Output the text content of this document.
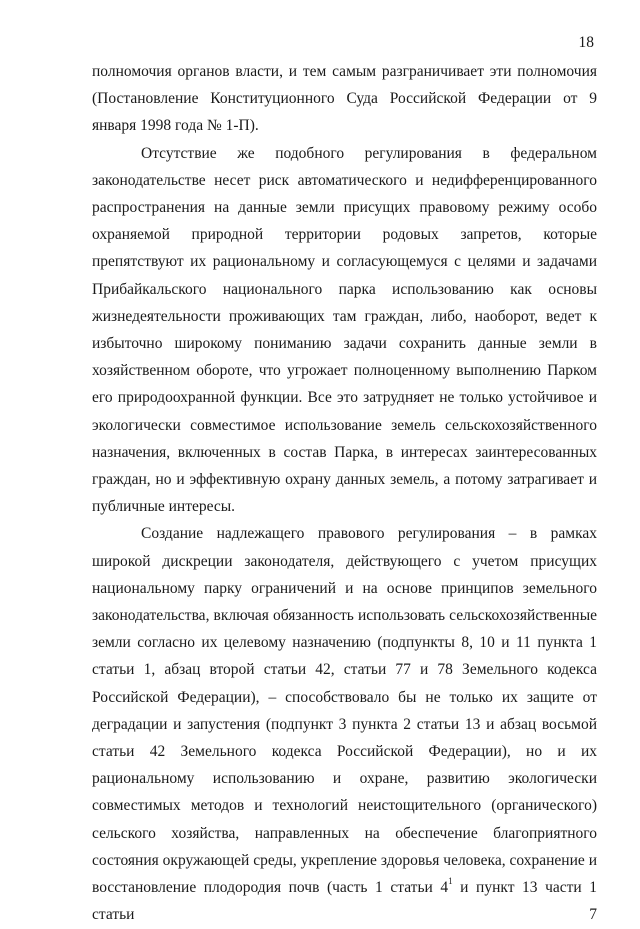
18

полномочия органов власти, и тем самым разграничивает эти полномочия (Постановление Конституционного Суда Российской Федерации от 9 января 1998 года № 1-П).

Отсутствие же подобного регулирования в федеральном законодательстве несет риск автоматического и недифференцированного распространения на данные земли присущих правовому режиму особо охраняемой природной территории родовых запретов, которые препятствуют их рациональному и согласующемуся с целями и задачами Прибайкальского национального парка использованию как основы жизнедеятельности проживающих там граждан, либо, наоборот, ведет к избыточно широкому пониманию задачи сохранить данные земли в хозяйственном обороте, что угрожает полноценному выполнению Парком его природоохранной функции. Все это затрудняет не только устойчивое и экологически совместимое использование земель сельскохозяйственного назначения, включенных в состав Парка, в интересах заинтересованных граждан, но и эффективную охрану данных земель, а потому затрагивает и публичные интересы.

Создание надлежащего правового регулирования – в рамках широкой дискреции законодателя, действующего с учетом присущих национальному парку ограничений и на основе принципов земельного законодательства, включая обязанность использовать сельскохозяйственные земли согласно их целевому назначению (подпункты 8, 10 и 11 пункта 1 статьи 1, абзац второй статьи 42, статьи 77 и 78 Земельного кодекса Российской Федерации), – способствовало бы не только их защите от деградации и запустения (подпункт 3 пункта 2 статьи 13 и абзац восьмой статьи 42 Земельного кодекса Российской Федерации), но и их рациональному использованию и охране, развитию экологически совместимых методов и технологий неистощительного (органического) сельского хозяйства, направленных на обеспечение благоприятного состояния окружающей среды, укрепление здоровья человека, сохранение и восстановление плодородия почв (часть 1 статьи 4$^1$ и пункт 13 части 1 статьи 7
